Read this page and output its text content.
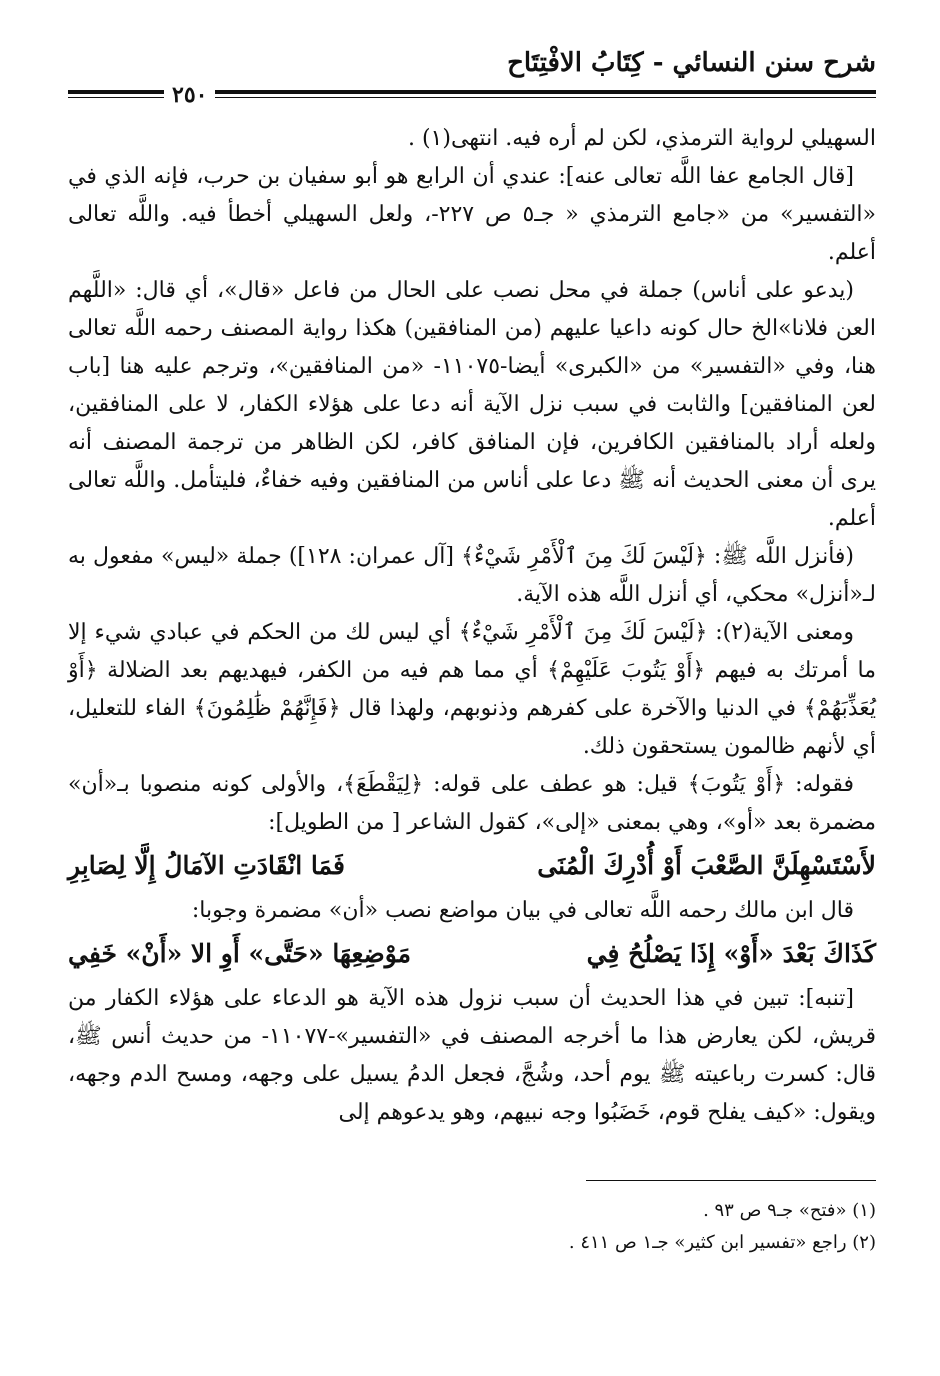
شرح سنن النسائي - كِتَابُ الافْتِتَاح
٢٥٠

السهيلي لرواية الترمذي، لكن لم أره فيه. انتهى(١) .

[قال الجامع عفا اللَّه تعالى عنه]: عندي أن الرابع هو أبو سفيان بن حرب، فإنه الذي في «التفسير» من «جامع الترمذي « جـ٥ ص ٢٢٧-، ولعل السهيلي أخطأ فيه. واللَّه تعالى أعلم.

(يدعو على أناس) جملة في محل نصب على الحال من فاعل «قال»، أي قال: «اللَّهم العن فلانا»الخ حال كونه داعيا عليهم (من المنافقين) هكذا رواية المصنف رحمه اللَّه تعالى هنا، وفي «التفسير» من «الكبرى» أيضا-١١٠٧٥- «من المنافقين»، وترجم عليه هنا [باب لعن المنافقين] والثابت في سبب نزل الآية أنه دعا على هؤلاء الكفار، لا على المنافقين، ولعله أراد بالمنافقين الكافرين، فإن المنافق كافر، لكن الظاهر من ترجمة المصنف أنه يرى أن معنى الحديث أنه ﷺ دعا على أناس من المنافقين وفيه خفاءٌ، فليتأمل. واللَّه تعالى أعلم.

(فأنزل اللَّه ﷺ: ﴿لَيْسَ لَكَ مِنَ ٱلْأَمْرِ شَيْءٌ﴾ [آل عمران: ١٢٨]) جملة «ليس» مفعول به لـ«أنزل» محكي، أي أنزل اللَّه هذه الآية.

ومعنى الآية(٢): ﴿لَيْسَ لَكَ مِنَ ٱلْأَمْرِ شَيْءٌ﴾ أي ليس لك من الحكم في عبادي شيء إلا ما أمرتك به فيهم ﴿أَوْ يَتُوبَ عَلَيْهِمْ﴾ أي مما هم فيه من الكفر، فيهديهم بعد الضلالة ﴿أَوْ يُعَذِّبَهُمْ﴾ في الدنيا والآخرة على كفرهم وذنوبهم، ولهذا قال ﴿فَإِنَّهُمْ ظَٰلِمُونَ﴾ الفاء للتعليل، أي لأنهم ظالمون يستحقون ذلك.

فقوله: ﴿أَوْ يَتُوبَ﴾ قيل: هو عطف على قوله: ﴿لِيَقْطَعَ﴾، والأولى كونه منصوبا بـ«أن» مضمرة بعد «أو»، وهي بمعنى «إلى»، كقول الشاعر [ من الطويل]:

لأَسْتَسْهِلَنَّ الصَّعْبَ أَوْ أُدْرِكَ الْمُنَى
فَمَا انْقَادَتِ الآمَالُ إِلَّا لِصَابِرِ

قال ابن مالك رحمه اللَّه تعالى في بيان مواضع نصب «أن» مضمرة وجوبا:

كَذَاكَ بَعْدَ «أَوْ» إِذَا يَصْلُحُ فِي
مَوْضِعِهَا «حَتَّى» أَوِ الا «أَنْ» خَفِي

[تنبه]: تبين في هذا الحديث أن سبب نزول هذه الآية هو الدعاء على هؤلاء الكفار من قريش، لكن يعارض هذا ما أخرجه المصنف في «التفسير»-١١٠٧٧- من حديث أنس ﷺ، قال: كسرت رباعيته ﷺ يوم أحد، وشُجَّ، فجعل الدمُ يسيل على وجهه، ومسح الدم وجهه، ويقول: «كيف يفلح قوم، خَضَبُوا وجه نبيهم، وهو يدعوهم إلى

(١) «فتح» جـ٩ ص ٩٣ .

(٢) راجع «تفسير ابن كثير» جـ١ ص ٤١١ .
